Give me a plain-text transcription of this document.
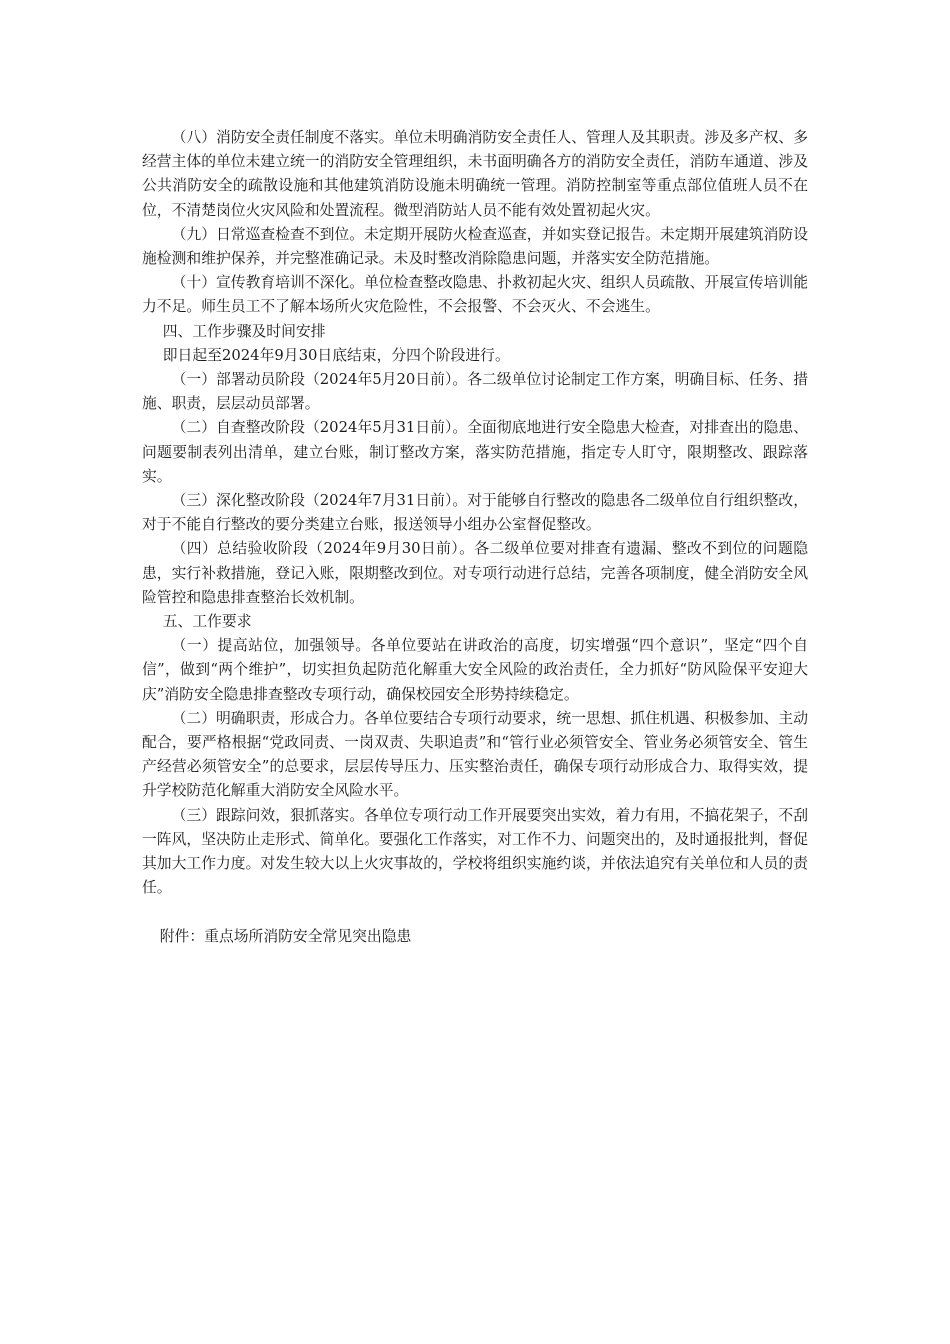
（八）消防安全责任制度不落实。单位未明确消防安全责任人、管理人及其职责。涉及多产权、多经营主体的单位未建立统一的消防安全管理组织，未书面明确各方的消防安全责任，消防车通道、涉及公共消防安全的疏散设施和其他建筑消防设施未明确统一管理。消防控制室等重点部位值班人员不在位，不清楚岗位火灾风险和处置流程。微型消防站人员不能有效处置初起火灾。

（九）日常巡查检查不到位。未定期开展防火检查巡查，并如实登记报告。未定期开展建筑消防设施检测和维护保养，并完整准确记录。未及时整改消除隐患问题，并落实安全防范措施。

（十）宣传教育培训不深化。单位检查整改隐患、扑救初起火灾、组织人员疏散、开展宣传培训能力不足。师生员工不了解本场所火灾危险性，不会报警、不会灭火、不会逃生。

四、工作步骤及时间安排

即日起至2024年9月30日底结束，分四个阶段进行。

（一）部署动员阶段（2024年5月20日前）。各二级单位讨论制定工作方案，明确目标、任务、措施、职责，层层动员部署。

（二）自查整改阶段（2024年5月31日前）。全面彻底地进行安全隐患大检查，对排查出的隐患、问题要制表列出清单，建立台账，制订整改方案，落实防范措施，指定专人盯守，限期整改、跟踪落实。

（三）深化整改阶段（2024年7月31日前）。对于能够自行整改的隐患各二级单位自行组织整改，对于不能自行整改的要分类建立台账，报送领导小组办公室督促整改。

（四）总结验收阶段（2024年9月30日前）。各二级单位要对排查有遗漏、整改不到位的问题隐患，实行补救措施，登记入账，限期整改到位。对专项行动进行总结，完善各项制度，健全消防安全风险管控和隐患排查整治长效机制。

五、工作要求

（一）提高站位，加强领导。各单位要站在讲政治的高度，切实增强“四个意识”，坚定“四个自信”，做到“两个维护”，切实担负起防范化解重大安全风险的政治责任，全力抓好“防风险保平安迎大庆”消防安全隐患排查整改专项行动，确保校园安全形势持续稳定。

（二）明确职责，形成合力。各单位要结合专项行动要求，统一思想、抓住机遇、积极参加、主动配合，要严格根据“党政同责、一岗双责、失职追责”和“管行业必须管安全、管业务必须管安全、管生产经营必须管安全”的总要求，层层传导压力、压实整治责任，确保专项行动形成合力、取得实效，提升学校防范化解重大消防安全风险水平。

（三）跟踪问效，狠抓落实。各单位专项行动工作开展要突出实效，着力有用，不搞花架子，不刮一阵风，坚决防止走形式、简单化。要强化工作落实，对工作不力、问题突出的，及时通报批判，督促其加大工作力度。对发生较大以上火灾事故的，学校将组织实施约谈，并依法追究有关单位和人员的责任。

附件：重点场所消防安全常见突出隐患
